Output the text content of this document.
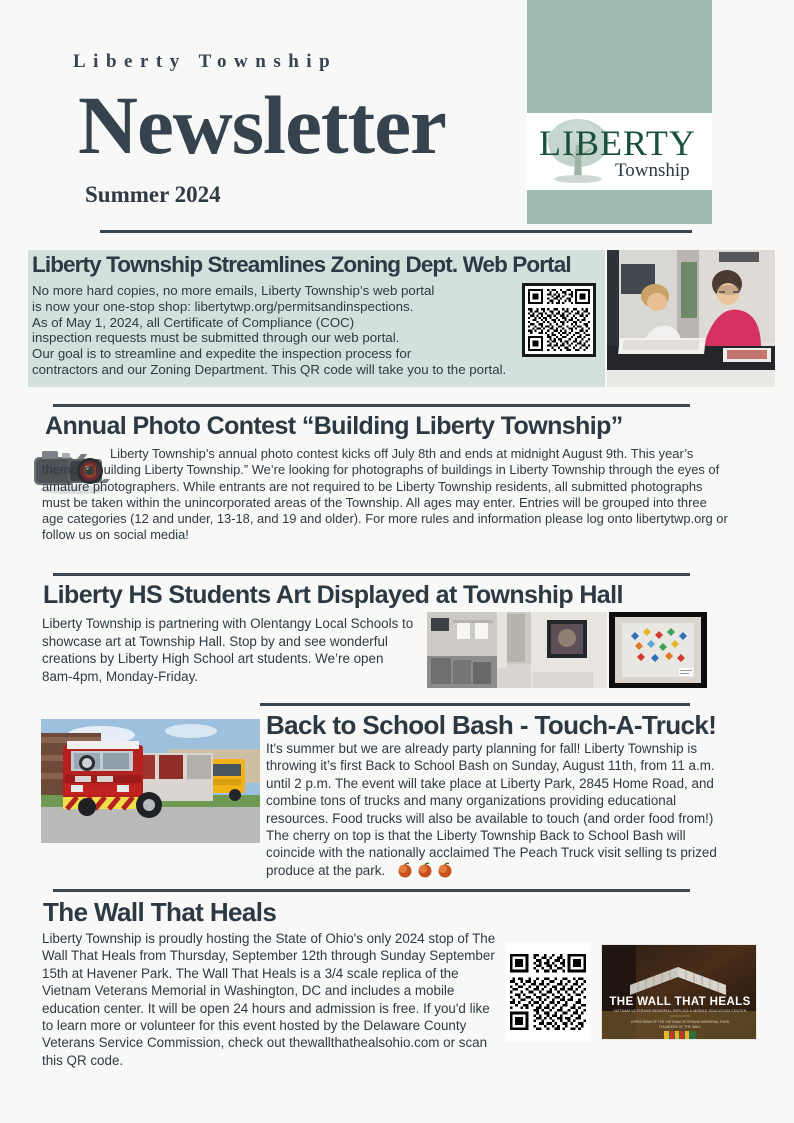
LIBERTY
Township
Liberty Township
Newsletter
Summer 2024
Liberty Township Streamlines Zoning Dept. Web Portal
No more hard copies, no more emails, Liberty Township’s web portal
is now your one-stop shop: libertytwp.org/permitsandinspections.
As of May 1, 2024, all Certificate of Compliance (COC)
inspection requests must be submitted through our web portal.
Our goal is to streamline and expedite the inspection process for
contractors and our Zoning Department. This QR code will take you to the portal.
Annual Photo Contest “Building Liberty Township”
Liberty Township’s annual photo contest kicks off July 8th and ends at midnight August 9th. This year’s theme is“Building Liberty Township.” We’re looking for photographs of buildings in Liberty Township through the eyes of amature photographers. While entrants are not required to be Liberty Township residents, all submitted photographs must be taken within the unincorporated areas of the Township. All ages may enter. Entries will be grouped into three age categories (12 and under, 13-18, and 19 and older). For more rules and information please log onto libertytwp.org or follow us on social media!
Liberty HS Students Art Displayed at Township Hall
Liberty Township is partnering with Olentangy Local Schools to showcase art at Township Hall. Stop by and see wonderful creations by Liberty High School art students. We’re open 8am-4pm, Monday-Friday.
Back to School Bash - Touch-A-Truck!
It's summer but we are already party planning for fall! Liberty Township is throwing it’s first Back to School Bash on Sunday, August 11th, from 11 a.m. until 2 p.m. The event will take place at Liberty Park, 2845 Home Road, and combine tons of trucks and many organizations providing educational resources. Food trucks will also be available to touch (and order food from!) The cherry on top is that the Liberty Township Back to School Bash will coincide with the nationally acclaimed The Peach Truck visit selling ts prized produce at the park.
The Wall That Heals
Liberty Township is proudly hosting the State of Ohio's only 2024 stop of The Wall That Heals from Thursday, September 12th through Sunday September 15th at Havener Park. The Wall That Heals is a 3/4 scale replica of the Vietnam Veterans Memorial in Washington, DC and includes a mobile education center. It will be open 24 hours and admission is free. If you'd like to learn more or volunteer for this event hosted by the Delaware County Veterans Service Commission, check out thewallthathealsohio.com or scan this QR code.
THE WALL THAT HEALS
VIETNAM VETERANS MEMORIAL REPLICA & MOBILE EDUCATION CENTER
A PROGRAM OF THE VIETNAM VETERANS MEMORIAL FUND
FOUNDERS OF THE WALL
